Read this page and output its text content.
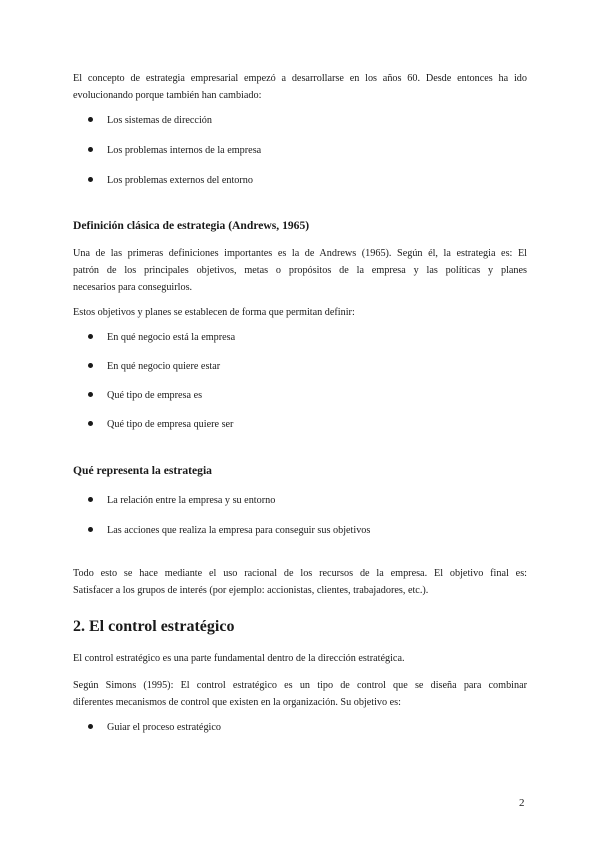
El concepto de estrategia empresarial empezó a desarrollarse en los años 60. Desde entonces ha ido
evolucionando porque también han cambiado:

Los sistemas de dirección

Los problemas internos de la empresa

Los problemas externos del entorno

Definición clásica de estrategia (Andrews, 1965)

Una de las primeras definiciones importantes es la de Andrews (1965). Según él, la estrategia es: El
patrón de los principales objetivos, metas o propósitos de la empresa y las políticas y planes
necesarios para conseguirlos.

Estos objetivos y planes se establecen de forma que permitan definir:

En qué negocio está la empresa

En qué negocio quiere estar

Qué tipo de empresa es

Qué tipo de empresa quiere ser

Qué representa la estrategia

La relación entre la empresa y su entorno

Las acciones que realiza la empresa para conseguir sus objetivos

Todo esto se hace mediante el uso racional de los recursos de la empresa. El objetivo final es:
Satisfacer a los grupos de interés (por ejemplo: accionistas, clientes, trabajadores, etc.).

2. El control estratégico

El control estratégico es una parte fundamental dentro de la dirección estratégica.

Según Simons (1995): El control estratégico es un tipo de control que se diseña para combinar
diferentes mecanismos de control que existen en la organización. Su objetivo es:

Guiar el proceso estratégico

2
